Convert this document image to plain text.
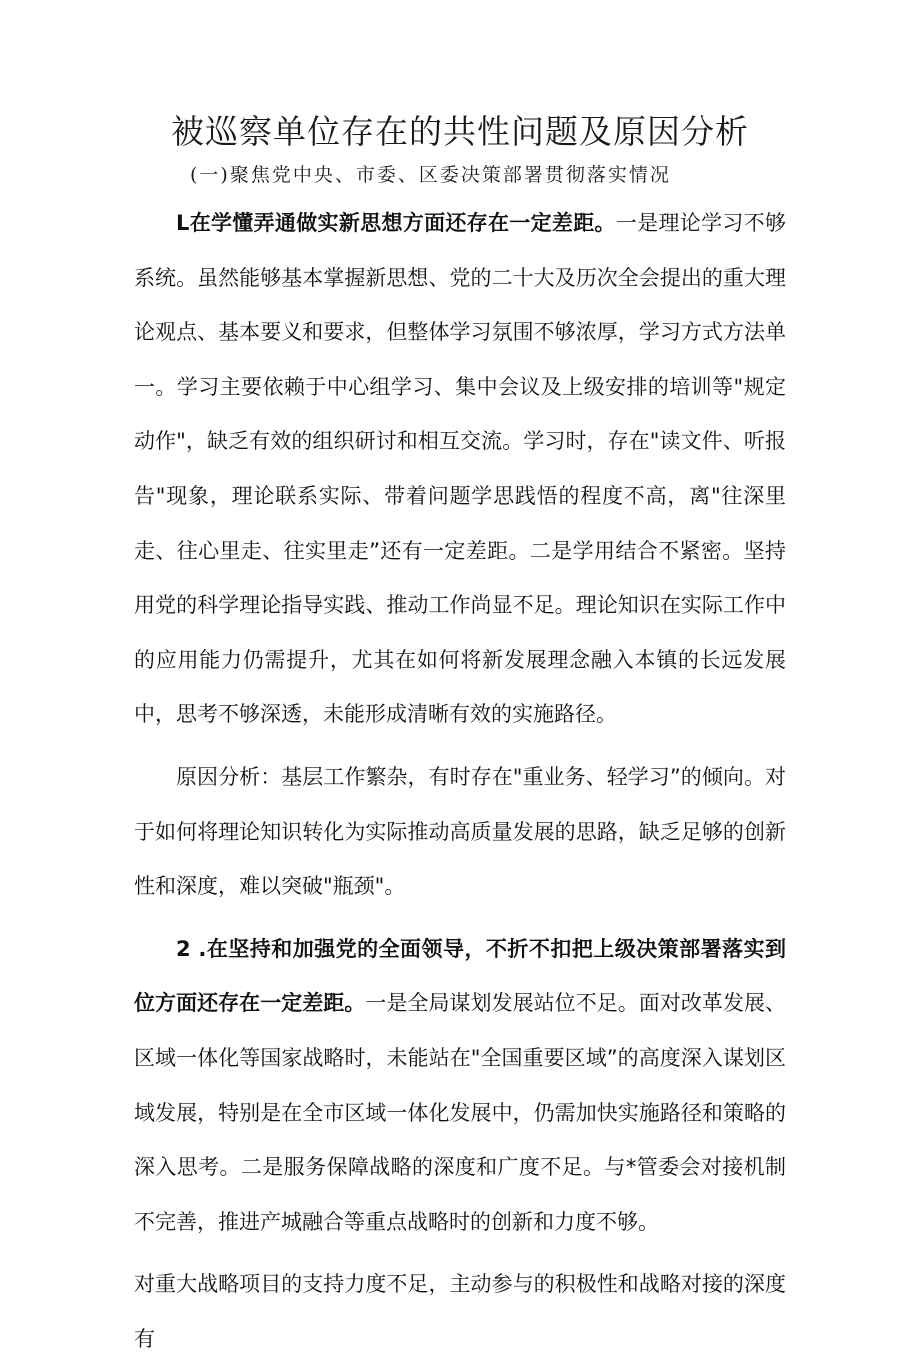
被巡察单位存在的共性问题及原因分析
(一)聚焦党中央、市委、区委决策部署贯彻落实情况

L在学懂弄通做实新思想方面还存在一定差距。一是理论学习不够系统。虽然能够基本掌握新思想、党的二十大及历次全会提出的重大理论观点、基本要义和要求，但整体学习氛围不够浓厚，学习方式方法单一。学习主要依赖于中心组学习、集中会议及上级安排的培训等"规定动作"，缺乏有效的组织研讨和相互交流。学习时，存在"读文件、听报告"现象，理论联系实际、带着问题学思践悟的程度不高，离"往深里走、往心里走、往实里走”还有一定差距。二是学用结合不紧密。坚持用党的科学理论指导实践、推动工作尚显不足。理论知识在实际工作中的应用能力仍需提升，尤其在如何将新发展理念融入本镇的长远发展中，思考不够深透，未能形成清晰有效的实施路径。

原因分析：基层工作繁杂，有时存在"重业务、轻学习”的倾向。对于如何将理论知识转化为实际推动高质量发展的思路，缺乏足够的创新性和深度，难以突破"瓶颈"。

2 .在坚持和加强党的全面领导，不折不扣把上级决策部署落实到位方面还存在一定差距。一是全局谋划发展站位不足。面对改革发展、区域一体化等国家战略时，未能站在"全国重要区域”的高度深入谋划区域发展，特别是在全市区域一体化发展中，仍需加快实施路径和策略的深入思考。二是服务保障战略的深度和广度不足。与*管委会对接机制不完善，推进产城融合等重点战略时的创新和力度不够。

对重大战略项目的支持力度不足，主动参与的积极性和战略对接的深度有
